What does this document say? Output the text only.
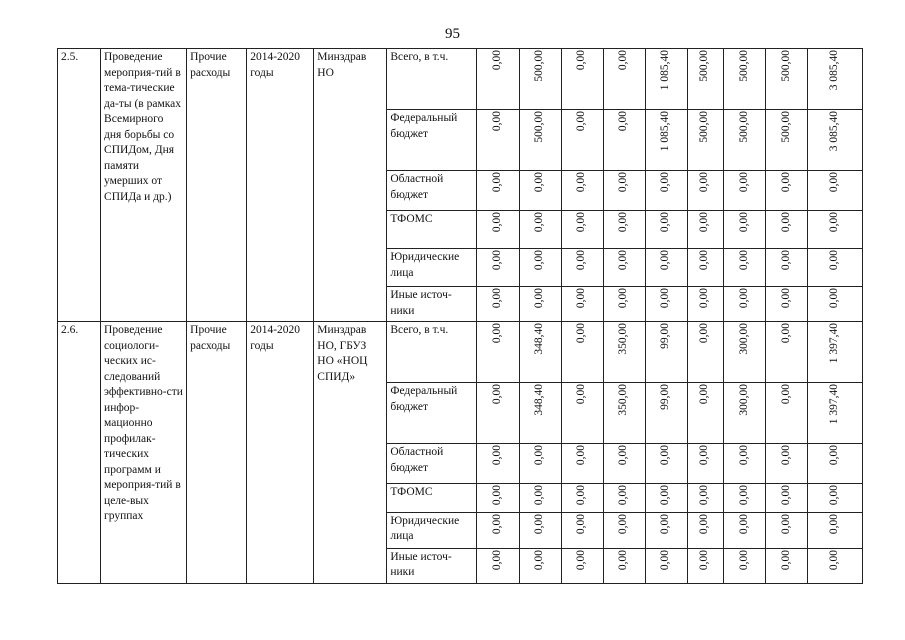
95
2.5.	Проведение мероприя-тий в тема-тические да-ты (в рамках Всемирного дня борьбы со СПИДом, Дня памяти умерших от СПИДа и др.)	Прочие расходы	2014-2020 годы	Минздрав НО	Всего, в т.ч.	0,00	500,00	0,00	0,00	1 085,40	500,00	500,00	500,00	3 085,40
					Федеральный бюджет	0,00	500,00	0,00	0,00	1 085,40	500,00	500,00	500,00	3 085,40
					Областной бюджет	0,00	0,00	0,00	0,00	0,00	0,00	0,00	0,00	0,00
					ТФОМС	0,00	0,00	0,00	0,00	0,00	0,00	0,00	0,00	0,00
					Юридические лица	0,00	0,00	0,00	0,00	0,00	0,00	0,00	0,00	0,00
					Иные источ-ники	0,00	0,00	0,00	0,00	0,00	0,00	0,00	0,00	0,00
2.6.	Проведение социологи-ческих ис-следований эффективно-сти инфор-мационно профилак-тических программ и мероприя-тий в целе-вых группах	Прочие расходы	2014-2020 годы	Минздрав НО, ГБУЗ НО «НОЦ СПИД»	Всего, в т.ч.	0,00	348,40	0,00	350,00	99,00	0,00	300,00	0,00	1 397,40
					Федеральный бюджет	0,00	348,40	0,00	350,00	99,00	0,00	300,00	0,00	1 397,40
					Областной бюджет	0,00	0,00	0,00	0,00	0,00	0,00	0,00	0,00	0,00
					ТФОМС	0,00	0,00	0,00	0,00	0,00	0,00	0,00	0,00	0,00
					Юридические лица	0,00	0,00	0,00	0,00	0,00	0,00	0,00	0,00	0,00
					Иные источ-ники	0,00	0,00	0,00	0,00	0,00	0,00	0,00	0,00	0,00
